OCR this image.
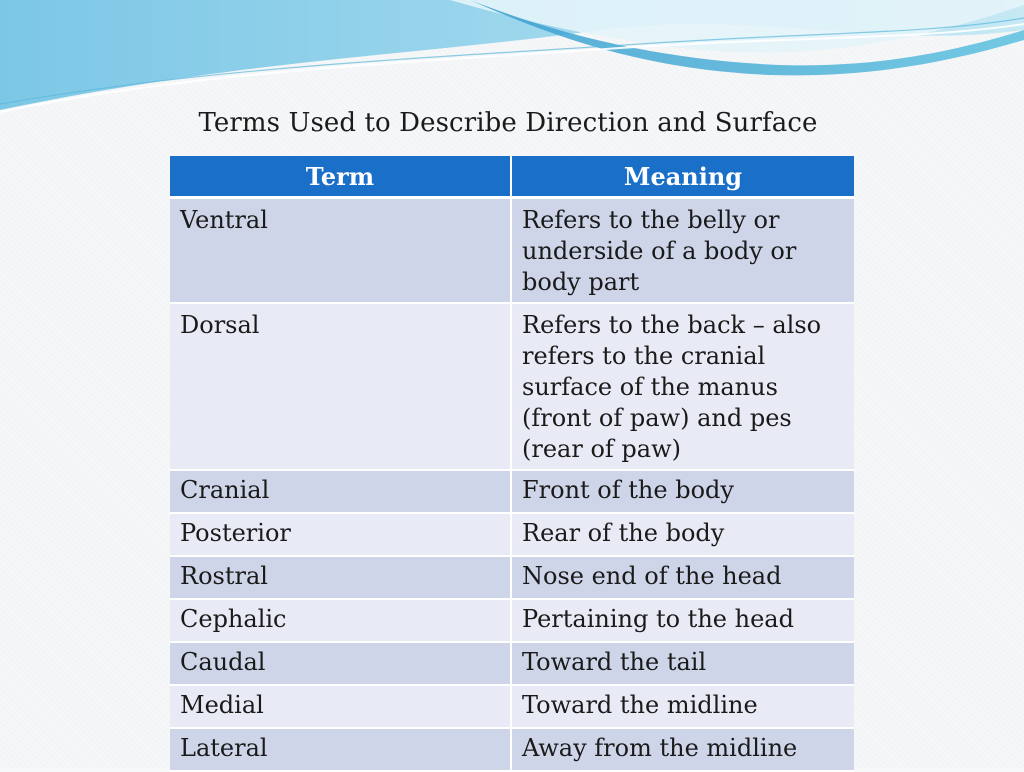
Terms Used to Describe Direction and Surface
Term	Meaning
Ventral	Refers to the belly or underside of a body or body part
Dorsal	Refers to the back – also refers to the cranial surface of the manus (front of paw) and pes (rear of paw)
Cranial	Front of the body
Posterior	Rear of the body
Rostral	Nose end of the head
Cephalic	Pertaining to the head
Caudal	Toward the tail
Medial	Toward the midline
Lateral	Away from the midline
